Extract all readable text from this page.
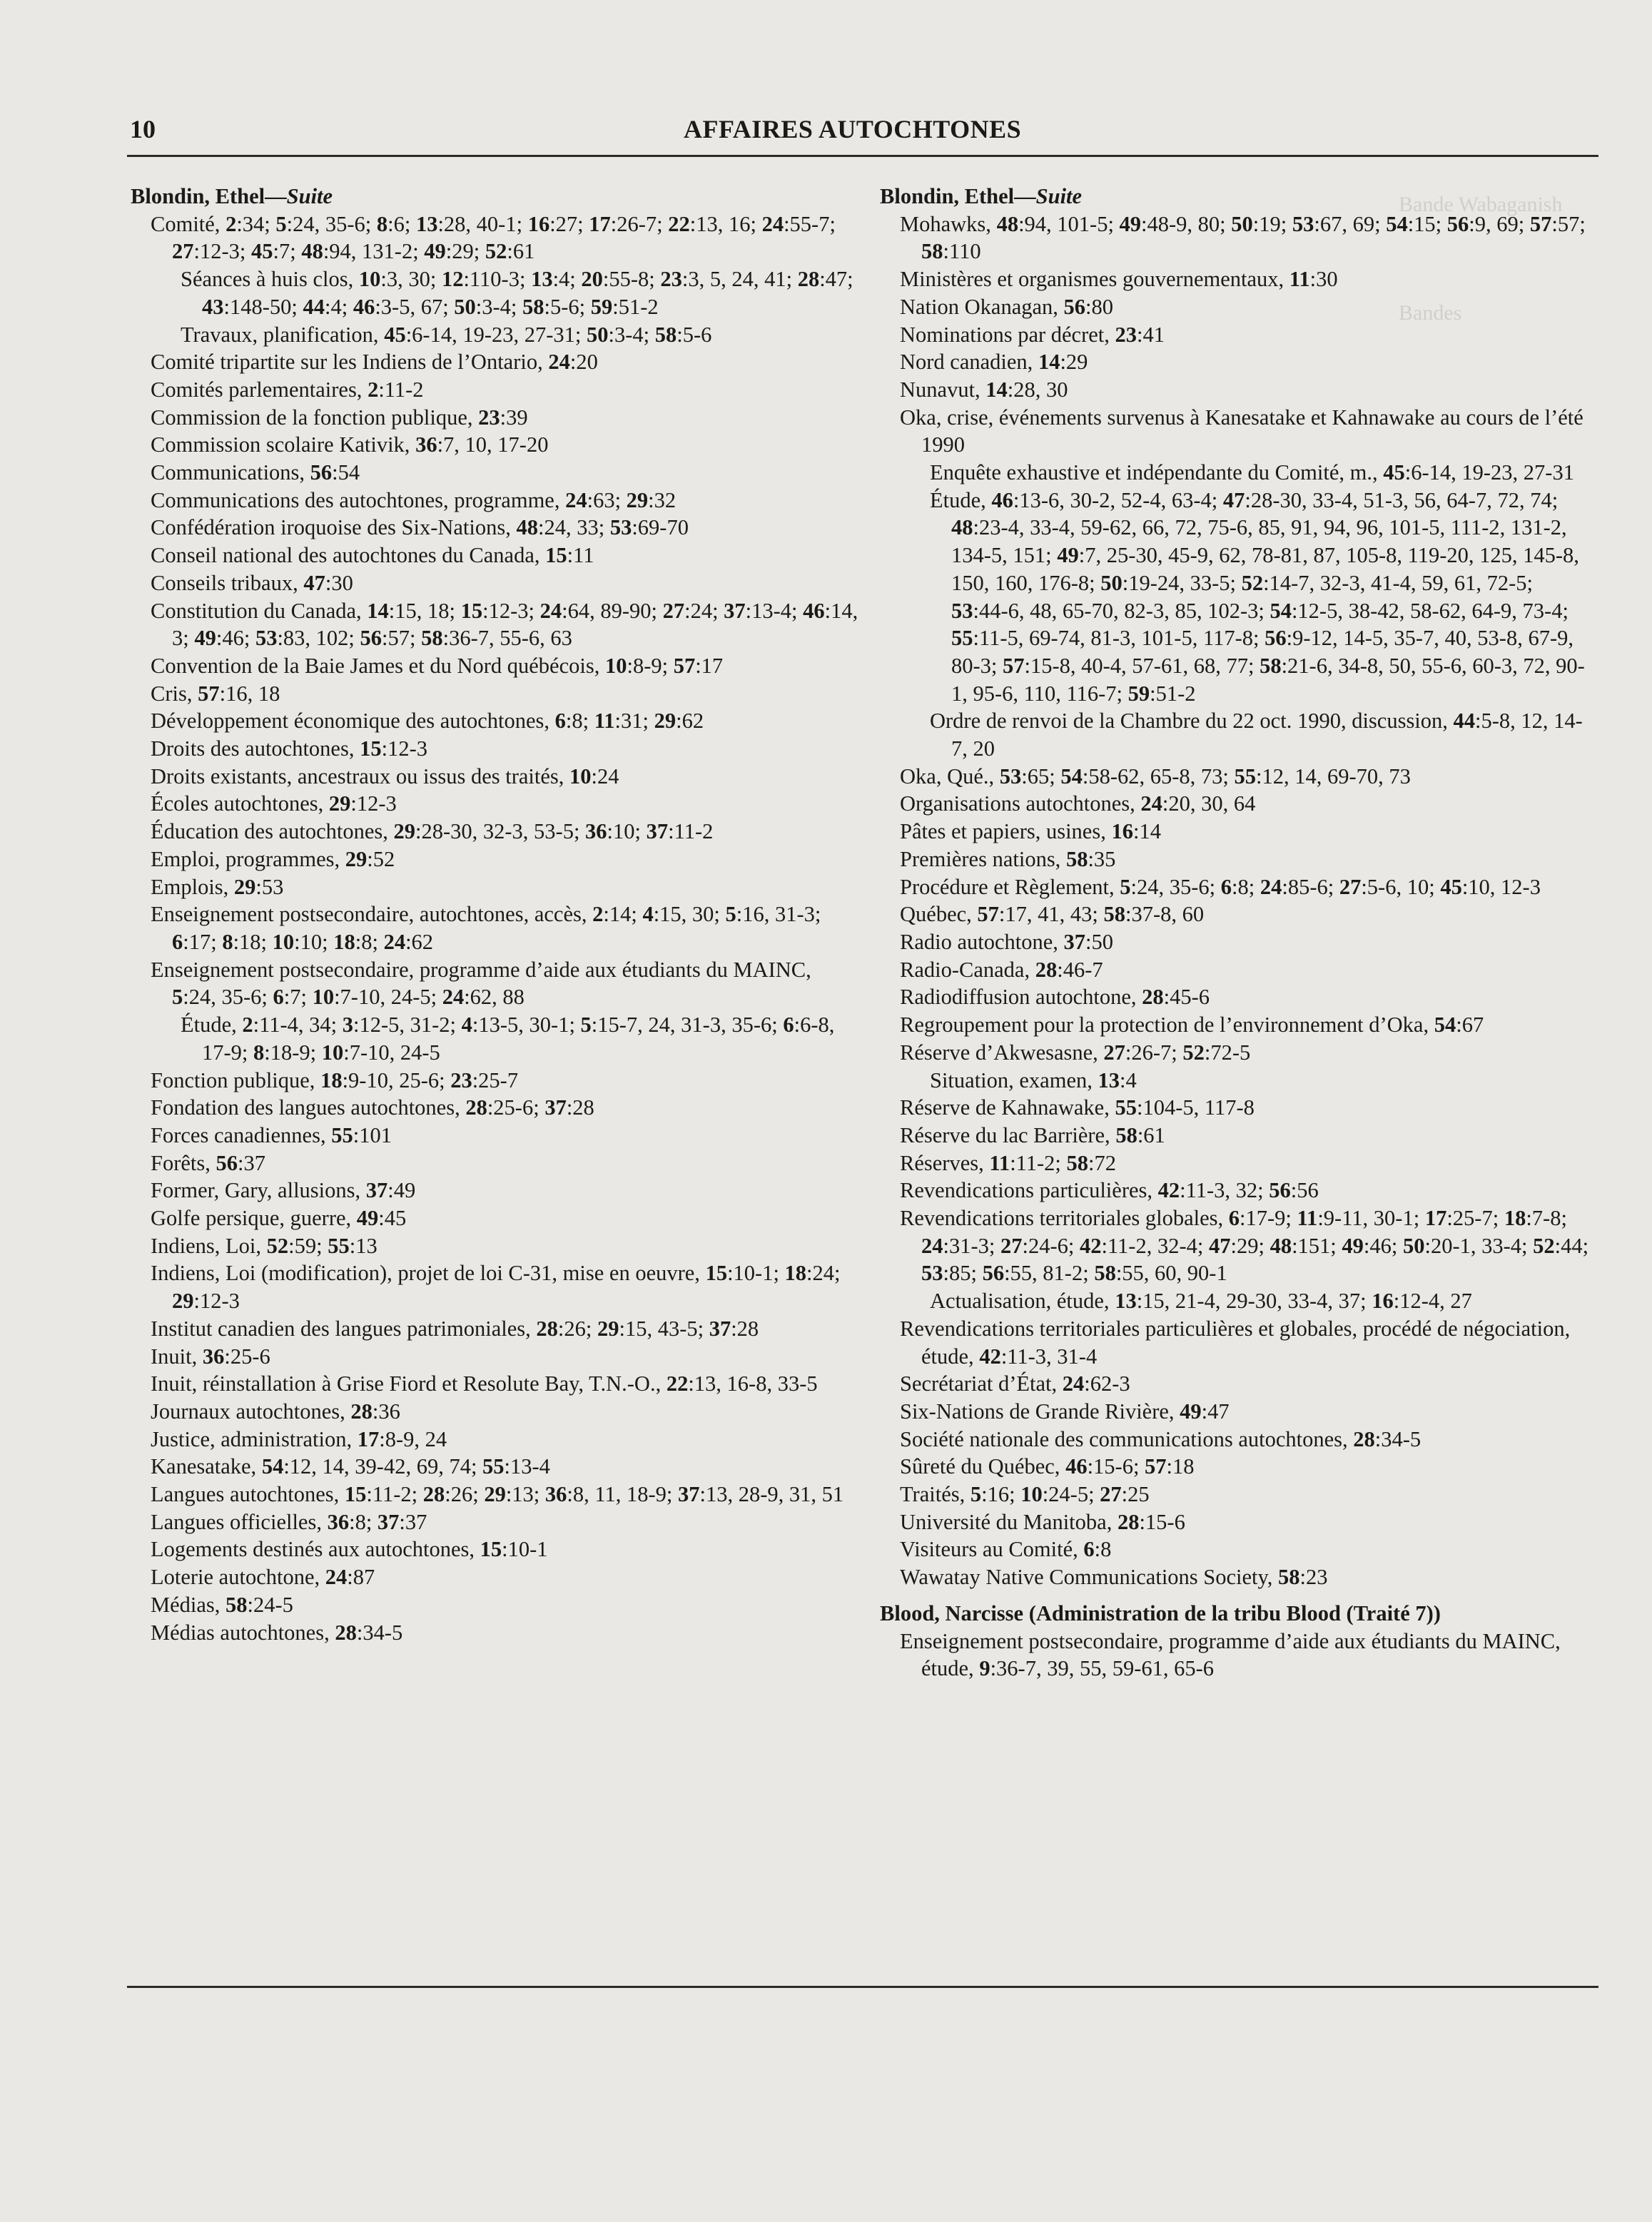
Bande Wabaganish
Bandes
10	AFFAIRES AUTOCHTONES

Blondin, Ethel—Suite

Comité, 2:34; 5:24, 35-6; 8:6; 13:28, 40-1; 16:27; 17:26-7; 22:13, 16; 24:55-7; 27:12-3; 45:7; 48:94, 131-2; 49:29; 52:61

Séances à huis clos, 10:3, 30; 12:110-3; 13:4; 20:55-8; 23:3, 5, 24, 41; 28:47; 43:148-50; 44:4; 46:3-5, 67; 50:3-4; 58:5-6; 59:51-2

Travaux, planification, 45:6-14, 19-23, 27-31; 50:3-4; 58:5-6

Comité tripartite sur les Indiens de l’Ontario, 24:20

Comités parlementaires, 2:11-2

Commission de la fonction publique, 23:39

Commission scolaire Kativik, 36:7, 10, 17-20

Communications, 56:54

Communications des autochtones, programme, 24:63; 29:32

Confédération iroquoise des Six-Nations, 48:24, 33; 53:69-70

Conseil national des autochtones du Canada, 15:11

Conseils tribaux, 47:30

Constitution du Canada, 14:15, 18; 15:12-3; 24:64, 89-90; 27:24; 37:13-4; 46:14, 3; 49:46; 53:83, 102; 56:57; 58:36-7, 55-6, 63

Convention de la Baie James et du Nord québécois, 10:8-9; 57:17

Cris, 57:16, 18

Développement économique des autochtones, 6:8; 11:31; 29:62

Droits des autochtones, 15:12-3

Droits existants, ancestraux ou issus des traités, 10:24

Écoles autochtones, 29:12-3

Éducation des autochtones, 29:28-30, 32-3, 53-5; 36:10; 37:11-2

Emploi, programmes, 29:52

Emplois, 29:53

Enseignement postsecondaire, autochtones, accès, 2:14; 4:15, 30; 5:16, 31-3; 6:17; 8:18; 10:10; 18:8; 24:62

Enseignement postsecondaire, programme d’aide aux étudiants du MAINC, 5:24, 35-6; 6:7; 10:7-10, 24-5; 24:62, 88

Étude, 2:11-4, 34; 3:12-5, 31-2; 4:13-5, 30-1; 5:15-7, 24, 31-3, 35-6; 6:6-8, 17-9; 8:18-9; 10:7-10, 24-5

Fonction publique, 18:9-10, 25-6; 23:25-7

Fondation des langues autochtones, 28:25-6; 37:28

Forces canadiennes, 55:101

Forêts, 56:37

Former, Gary, allusions, 37:49

Golfe persique, guerre, 49:45

Indiens, Loi, 52:59; 55:13

Indiens, Loi (modification), projet de loi C-31, mise en oeuvre, 15:10-1; 18:24; 29:12-3

Institut canadien des langues patrimoniales, 28:26; 29:15, 43-5; 37:28

Inuit, 36:25-6

Inuit, réinstallation à Grise Fiord et Resolute Bay, T.N.-O., 22:13, 16-8, 33-5

Journaux autochtones, 28:36

Justice, administration, 17:8-9, 24

Kanesatake, 54:12, 14, 39-42, 69, 74; 55:13-4

Langues autochtones, 15:11-2; 28:26; 29:13; 36:8, 11, 18-9; 37:13, 28-9, 31, 51

Langues officielles, 36:8; 37:37

Logements destinés aux autochtones, 15:10-1

Loterie autochtone, 24:87

Médias, 58:24-5

Médias autochtones, 28:34-5

Blondin, Ethel—Suite

Mohawks, 48:94, 101-5; 49:48-9, 80; 50:19; 53:67, 69; 54:15; 56:9, 69; 57:57; 58:110

Ministères et organismes gouvernementaux, 11:30

Nation Okanagan, 56:80

Nominations par décret, 23:41

Nord canadien, 14:29

Nunavut, 14:28, 30

Oka, crise, événements survenus à Kanesatake et Kahnawake au cours de l’été 1990

Enquête exhaustive et indépendante du Comité, m., 45:6-14, 19-23, 27-31

Étude, 46:13-6, 30-2, 52-4, 63-4; 47:28-30, 33-4, 51-3, 56, 64-7, 72, 74; 48:23-4, 33-4, 59-62, 66, 72, 75-6, 85, 91, 94, 96, 101-5, 111-2, 131-2, 134-5, 151; 49:7, 25-30, 45-9, 62, 78-81, 87, 105-8, 119-20, 125, 145-8, 150, 160, 176-8; 50:19-24, 33-5; 52:14-7, 32-3, 41-4, 59, 61, 72-5; 53:44-6, 48, 65-70, 82-3, 85, 102-3; 54:12-5, 38-42, 58-62, 64-9, 73-4; 55:11-5, 69-74, 81-3, 101-5, 117-8; 56:9-12, 14-5, 35-7, 40, 53-8, 67-9, 80-3; 57:15-8, 40-4, 57-61, 68, 77; 58:21-6, 34-8, 50, 55-6, 60-3, 72, 90-1, 95-6, 110, 116-7; 59:51-2

Ordre de renvoi de la Chambre du 22 oct. 1990, discussion, 44:5-8, 12, 14-7, 20

Oka, Qué., 53:65; 54:58-62, 65-8, 73; 55:12, 14, 69-70, 73

Organisations autochtones, 24:20, 30, 64

Pâtes et papiers, usines, 16:14

Premières nations, 58:35

Procédure et Règlement, 5:24, 35-6; 6:8; 24:85-6; 27:5-6, 10; 45:10, 12-3

Québec, 57:17, 41, 43; 58:37-8, 60

Radio autochtone, 37:50

Radio-Canada, 28:46-7

Radiodiffusion autochtone, 28:45-6

Regroupement pour la protection de l’environnement d’Oka, 54:67

Réserve d’Akwesasne, 27:26-7; 52:72-5

Situation, examen, 13:4

Réserve de Kahnawake, 55:104-5, 117-8

Réserve du lac Barrière, 58:61

Réserves, 11:11-2; 58:72

Revendications particulières, 42:11-3, 32; 56:56

Revendications territoriales globales, 6:17-9; 11:9-11, 30-1; 17:25-7; 18:7-8; 24:31-3; 27:24-6; 42:11-2, 32-4; 47:29; 48:151; 49:46; 50:20-1, 33-4; 52:44; 53:85; 56:55, 81-2; 58:55, 60, 90-1

Actualisation, étude, 13:15, 21-4, 29-30, 33-4, 37; 16:12-4, 27

Revendications territoriales particulières et globales, procédé de négociation, étude, 42:11-3, 31-4

Secrétariat d’État, 24:62-3

Six-Nations de Grande Rivière, 49:47

Société nationale des communications autochtones, 28:34-5

Sûreté du Québec, 46:15-6; 57:18

Traités, 5:16; 10:24-5; 27:25

Université du Manitoba, 28:15-6

Visiteurs au Comité, 6:8

Wawatay Native Communications Society, 58:23

Blood, Narcisse (Administration de la tribu Blood (Traité 7))

Enseignement postsecondaire, programme d’aide aux étudiants du MAINC, étude, 9:36-7, 39, 55, 59-61, 65-6
